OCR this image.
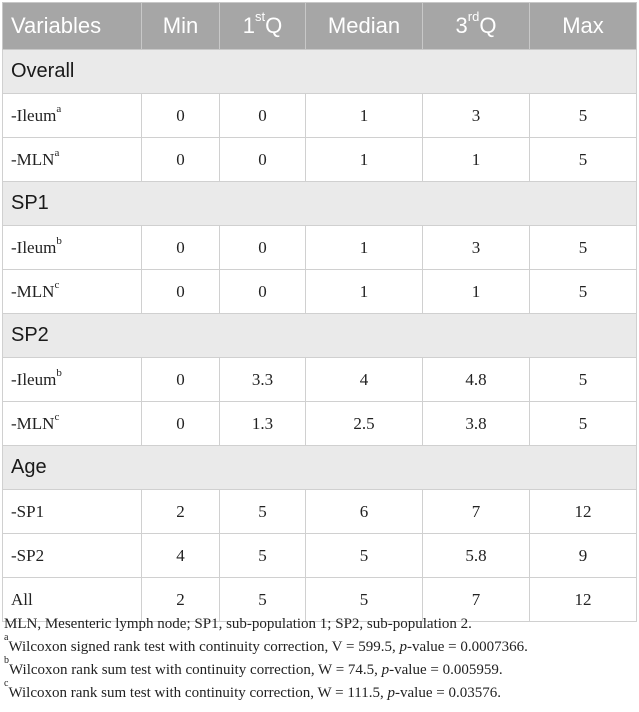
Variables	Min	1stQ	Median	3rdQ	Max
Overall					
-Ileum$^a$	0	0	1	3	5
-MLN$^a$	0	0	1	1	5
SP1					
-Ileum$^b$	0	0	1	3	5
-MLN$^c$	0	0	1	1	5
SP2					
-Ileum$^b$	0	3.3	4	4.8	5
-MLN$^c$	0	1.3	2.5	3.8	5
Age					
-SP1	2	5	6	7	12
-SP2	4	5	5	5.8	9
All	2	5	5	7	12
MLN, Mesenteric lymph node; SP1, sub-population 1; SP2, sub-population 2.
$^a$Wilcoxon signed rank test with continuity correction, V = 599.5, p-value = 0.0007366.
$^b$Wilcoxon rank sum test with continuity correction, W = 74.5, p-value = 0.005959.
$^c$Wilcoxon rank sum test with continuity correction, W = 111.5, p-value = 0.03576.
